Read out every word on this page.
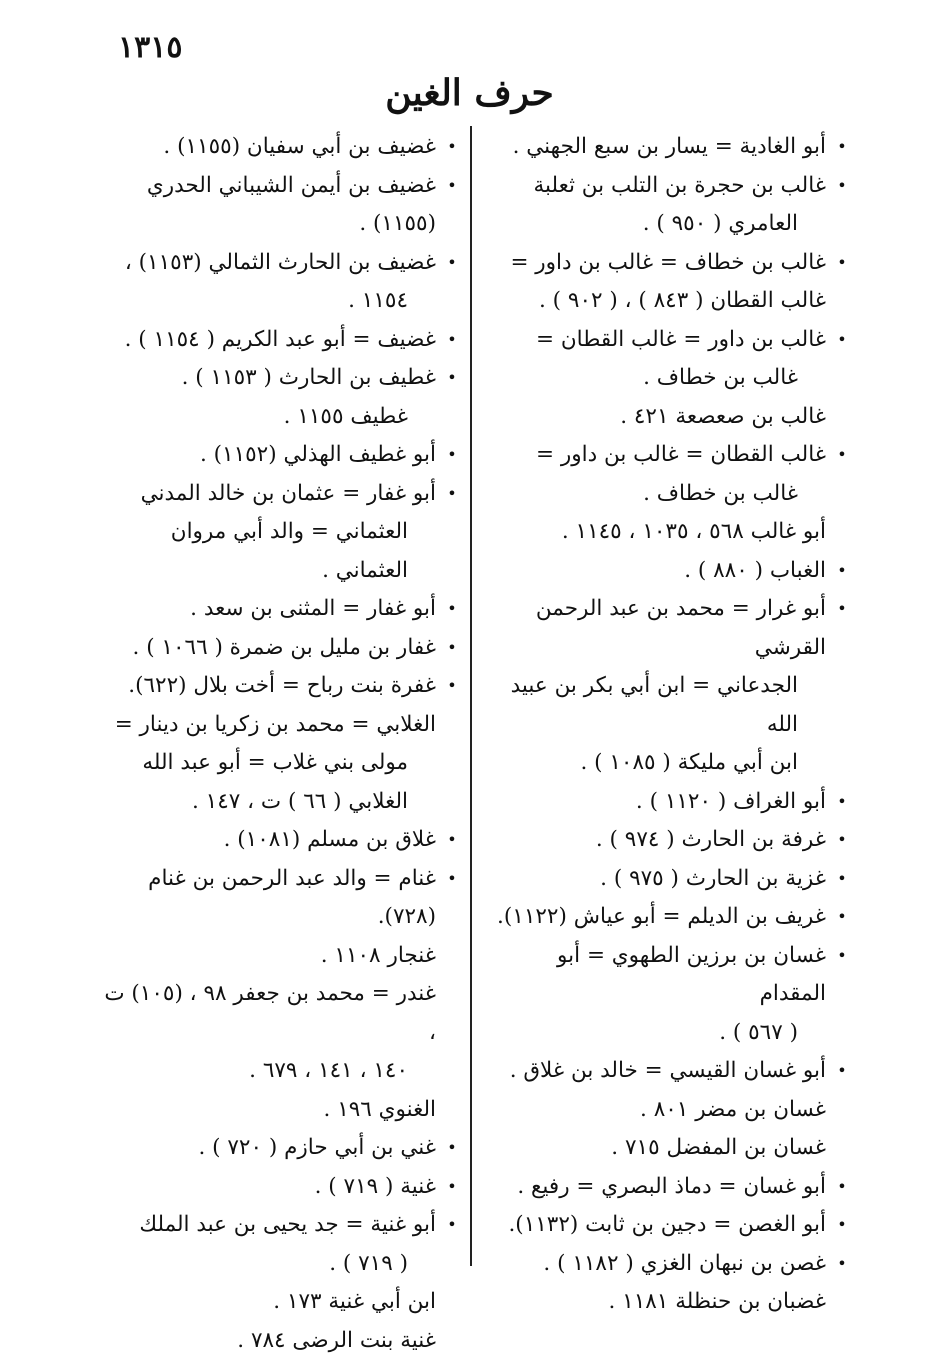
١٣١٥
حرف الغين
•
أبو الغادية = يسار بن سبع الجهني .
•
غالب بن حجرة بن التلب بن ثعلبة
العامري ( ٩٥٠ ) .
•
غالب بن خطاف = غالب بن داور =
غالب القطان ( ٨٤٣ ) ، ( ٩٠٢ ) .
•
غالب بن داور = غالب القطان =
غالب بن خطاف .
غالب بن صعصعة ٤٢١ .
•
غالب القطان = غالب بن داور =
غالب بن خطاف .
أبو غالب ٥٦٨ ، ١٠٣٥ ، ١١٤٥ .
•
الغباب ( ٨٨٠ ) .
•
أبو غرار = محمد بن عبد الرحمن القرشي
الجدعاني = ابن أبي بكر بن عبيد الله
ابن أبي مليكة ( ١٠٨٥ ) .
•
أبو الغراف ( ١١٢٠ ) .
•
غرفة بن الحارث ( ٩٧٤ ) .
•
غزية بن الحارث ( ٩٧٥ ) .
•
غريف بن الديلم = أبو عياش (١١٢٢).
•
غسان بن برزين الطهوي = أبو المقدام
( ٥٦٧ ) .
•
أبو غسان القيسي = خالد بن غلاق .
غسان بن مضر ٨٠١ .
غسان بن المفضل ٧١٥ .
•
أبو غسان = دماذ البصري = رفيع .
•
أبو الغصن = دجين بن ثابت (١١٣٢).
•
غصن بن نبهان الغزي ( ١١٨٢ ) .
غضبان بن حنظلة ١١٨١ .
•
غضيف بن أبي سفيان (١١٥٥) .
•
غضيف بن أيمن الشيباني الحدري (١١٥٥) .
•
غضيف بن الحارث الثمالي (١١٥٣) ،
١١٥٤ .
•
غضيف = أبو عبد الكريم ( ١١٥٤ ) .
•
غطيف بن الحارث ( ١١٥٣ ) .
غطيف ١١٥٥ .
•
أبو غطيف الهذلي (١١٥٢) .
•
أبو غفار = عثمان بن خالد المدني
العثماني = والد أبي مروان العثماني .
•
أبو غفار = المثنى بن سعد .
•
غفار بن مليل بن ضمرة ( ١٠٦٦ ) .
•
غفرة بنت رباح = أخت بلال (٦٢٢).
الغلابي = محمد بن زكريا بن دينار =
مولى بني غلاب = أبو عبد الله
الغلابي ( ٦٦ ) ت ، ١٤٧ .
•
غلاق بن مسلم (١٠٨١) .
•
غنام = والد عبد الرحمن بن غنام (٧٢٨).
غنجار ١١٠٨ .
غندر = محمد بن جعفر ٩٨ ، (١٠٥) ت ،
١٤٠ ، ١٤١ ، ٦٧٩ .
الغنوي ١٩٦ .
•
غني بن أبي حازم ( ٧٢٠ ) .
•
غنية ( ٧١٩ ) .
•
أبو غنية = جد يحيى بن عبد الملك
( ٧١٩ ) .
ابن أبي غنية ١٧٣ .
غنية بنت الرضى ٧٨٤ .
